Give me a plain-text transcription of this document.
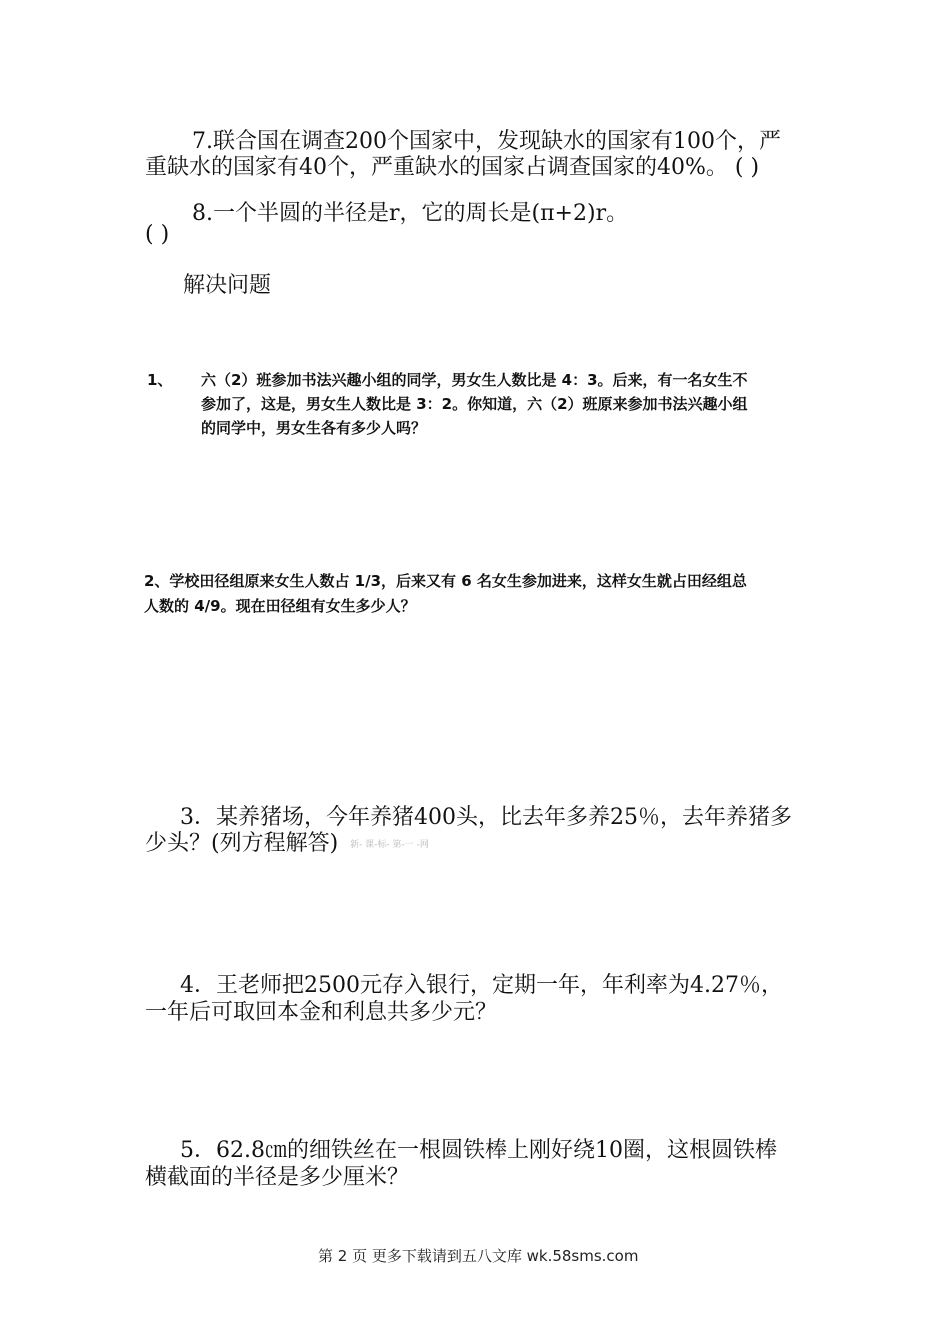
7.联合国在调查200个国家中，发现缺水的国家有100个，严
重缺水的国家有40个，严重缺水的国家占调查国家的40%。 ( )
8.一个半圆的半径是r，它的周长是(π+2)r。
( )
解决问题
1、 六（2）班参加书法兴趣小组的同学，男女生人数比是 4：3。后来，有一名女生不
参加了，这是，男女生人数比是 3：2。你知道，六（2）班原来参加书法兴趣小组
的同学中，男女生各有多少人吗？
2、学校田径组原来女生人数占 1/3，后来又有 6 名女生参加进来，这样女生就占田经组总
人数的 4/9。现在田径组有女生多少人？
3．某养猪场，今年养猪400头，比去年多养25％，去年养猪多
少头？(列方程解答) 新- 课-标- 第-一 -网
4．王老师把2500元存入银行，定期一年，年利率为4.27％，
一年后可取回本金和利息共多少元？
5．62.8㎝的细铁丝在一根圆铁棒上刚好绕10圈，这根圆铁棒
横截面的半径是多少厘米？
第 2 页 更多下载请到五八文库 wk.58sms.com
